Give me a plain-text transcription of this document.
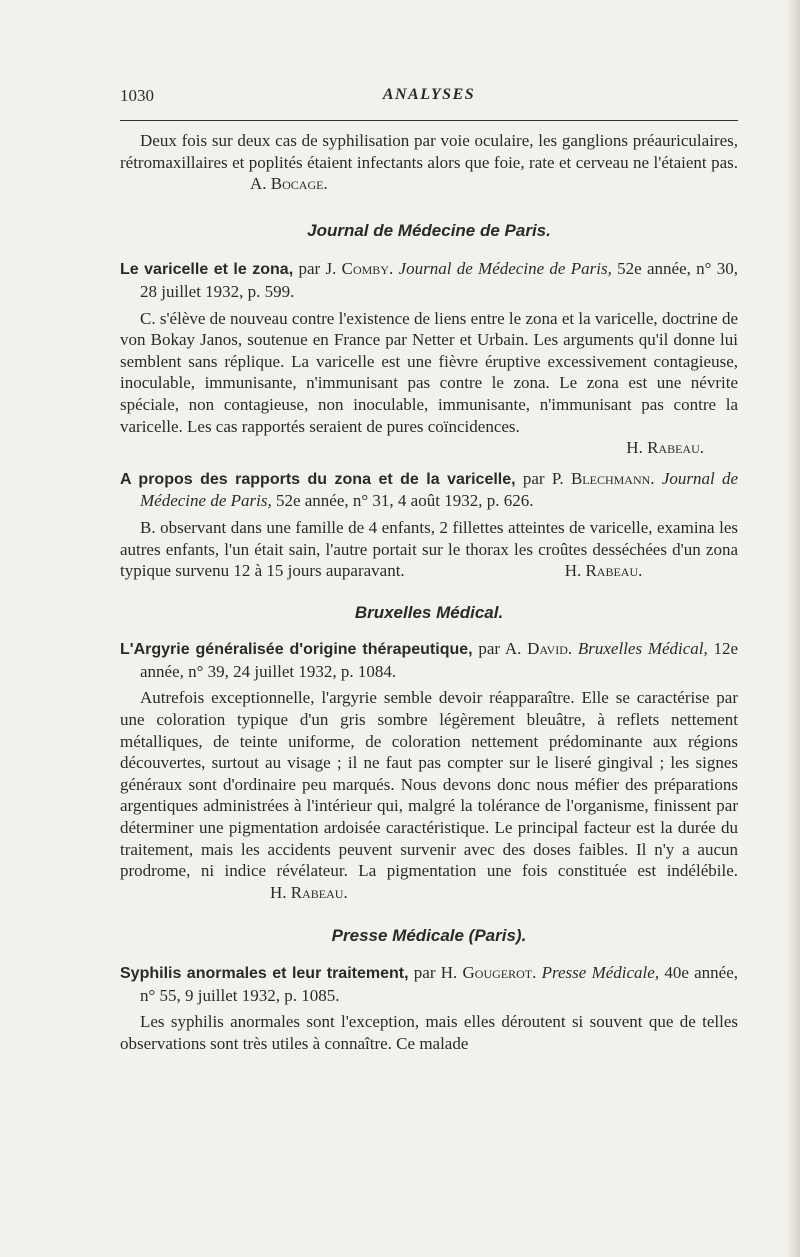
1030	ANALYSES

Deux fois sur deux cas de syphilisation par voie oculaire, les ganglions préauriculaires, rétromaxillaires et poplités étaient infectants alors que foie, rate et cerveau ne l'étaient pas.A. Bocage.

Journal de Médecine de Paris.

Le varicelle et le zona, par J. Comby. Journal de Médecine de Paris, 52e année, n° 30, 28 juillet 1932, p. 599.

C. s'élève de nouveau contre l'existence de liens entre le zona et la varicelle, doctrine de von Bokay Janos, soutenue en France par Netter et Urbain. Les arguments qu'il donne lui semblent sans réplique. La varicelle est une fièvre éruptive excessivement contagieuse, inoculable, immunisante, n'immunisant pas contre le zona. Le zona est une névrite spéciale, non contagieuse, non inoculable, immunisante, n'immunisant pas contre la varicelle. Les cas rapportés seraient de pures coïncidences.

H. Rabeau.

A propos des rapports du zona et de la varicelle, par P. Blechmann. Journal de Médecine de Paris, 52e année, n° 31, 4 août 1932, p. 626.

B. observant dans une famille de 4 enfants, 2 fillettes atteintes de varicelle, examina les autres enfants, l'un était sain, l'autre portait sur le thorax les croûtes desséchées d'un zona typique survenu 12 à 15 jours auparavant.	H. Rabeau.

Bruxelles Médical.

L'Argyrie généralisée d'origine thérapeutique, par A. David. Bruxelles Médical, 12e année, n° 39, 24 juillet 1932, p. 1084.

Autrefois exceptionnelle, l'argyrie semble devoir réapparaître. Elle se caractérise par une coloration typique d'un gris sombre légèrement bleuâtre, à reflets nettement métalliques, de teinte uniforme, de coloration nettement prédominante aux régions découvertes, surtout au visage ; il ne faut pas compter sur le liseré gingival ; les signes généraux sont d'ordinaire peu marqués. Nous devons donc nous méfier des préparations argentiques administrées à l'intérieur qui, malgré la tolérance de l'organisme, finissent par déterminer une pigmentation ardoisée caractéristique. Le principal facteur est la durée du traitement, mais les accidents peuvent survenir avec des doses faibles. Il n'y a aucun prodrome, ni indice révélateur. La pigmentation une fois constituée est indélébile.H. Rabeau.

Presse Médicale (Paris).

Syphilis anormales et leur traitement, par H. Gougerot. Presse Médicale, 40e année, n° 55, 9 juillet 1932, p. 1085.

Les syphilis anormales sont l'exception, mais elles déroutent si souvent que de telles observations sont très utiles à connaître. Ce malade
